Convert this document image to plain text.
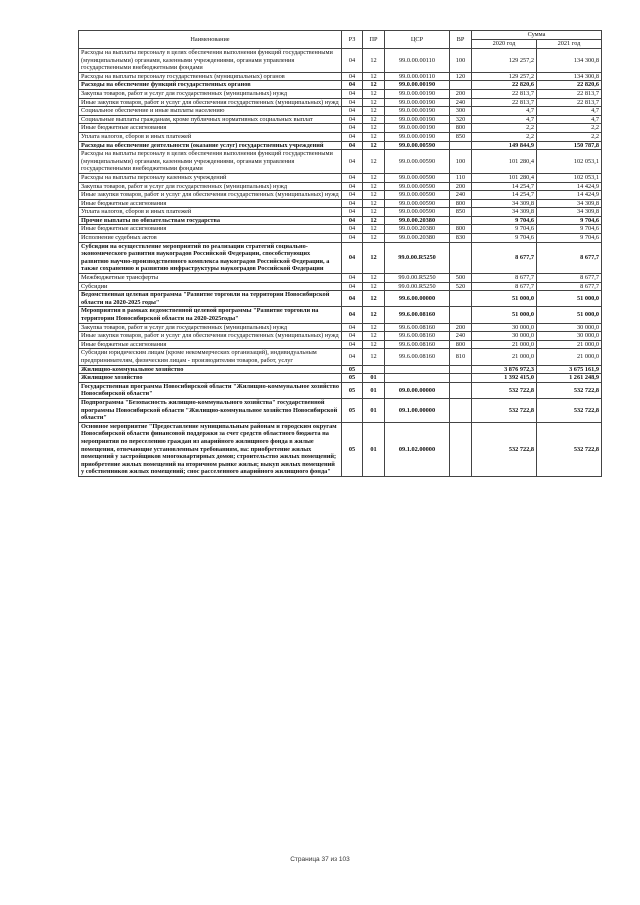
Наименование	РЗ	ПР	ЦСР	ВР	Сумма	
					2020 год	2021 год
Расходы на выплаты персоналу в целях обеспечения выполнения функций государственными (муниципальными) органами, казенными учреждениями, органами управления государственными внебюджетными фондами	04	12	99.0.00.00110	100	129 257,2	134 300,8
Расходы на выплаты персоналу государственных (муниципальных) органов	04	12	99.0.00.00110	120	129 257,2	134 300,8
Расходы на обеспечение функций государственных органов	04	12	99.0.00.00190		22 820,6	22 820,6
Закупка товаров, работ и услуг для государственных (муниципальных) нужд	04	12	99.0.00.00190	200	22 813,7	22 813,7
Иные закупки товаров, работ и услуг для обеспечения государственных (муниципальных) нужд	04	12	99.0.00.00190	240	22 813,7	22 813,7
Социальное обеспечение и иные выплаты населению	04	12	99.0.00.00190	300	4,7	4,7
Социальные выплаты гражданам, кроме публичных нормативных социальных выплат	04	12	99.0.00.00190	320	4,7	4,7
Иные бюджетные ассигнования	04	12	99.0.00.00190	800	2,2	2,2
Уплата налогов, сборов и иных платежей	04	12	99.0.00.00190	850	2,2	2,2
Расходы на обеспечение деятельности (оказание услуг) государственных учреждений	04	12	99.0.00.00590		149 844,9	150 787,8
Расходы на выплаты персоналу в целях обеспечения выполнения функций государственными (муниципальными) органами, казенными учреждениями, органами управления государственными внебюджетными фондами	04	12	99.0.00.00590	100	101 280,4	102 053,1
Расходы на выплаты персоналу казенных учреждений	04	12	99.0.00.00590	110	101 280,4	102 053,1
Закупка товаров, работ и услуг для государственных (муниципальных) нужд	04	12	99.0.00.00590	200	14 254,7	14 424,9
Иные закупки товаров, работ и услуг для обеспечения государственных (муниципальных) нужд	04	12	99.0.00.00590	240	14 254,7	14 424,9
Иные бюджетные ассигнования	04	12	99.0.00.00590	800	34 309,8	34 309,8
Уплата налогов, сборов и иных платежей	04	12	99.0.00.00590	850	34 309,8	34 309,8
Прочие выплаты по обязательствам государства	04	12	99.0.00.20380		9 704,6	9 704,6
Иные бюджетные ассигнования	04	12	99.0.00.20380	800	9 704,6	9 704,6
Исполнение судебных актов	04	12	99.0.00.20380	830	9 704,6	9 704,6
Субсидии на осуществление мероприятий по реализации стратегий социально-экономического развития наукоградов Российской Федерации, способствующих развитию научно-производственного комплекса наукоградов Российской Федерации, а также сохранению и развитию инфраструктуры наукоградов Российской Федерации	04	12	99.0.00.R5250		8 677,7	8 677,7
Межбюджетные трансферты	04	12	99.0.00.R5250	500	8 677,7	8 677,7
Субсидии	04	12	99.0.00.R5250	520	8 677,7	8 677,7
Ведомственная целевая программа "Развитие торговли на территории Новосибирской области на 2020-2025 годы"	04	12	99.6.00.00000		51 000,0	51 000,0
Мероприятия в рамках ведомственной целевой программы "Развитие торговли на территории Новосибирской области на 2020-2025годы"	04	12	99.6.00.08160		51 000,0	51 000,0
Закупка товаров, работ и услуг для государственных (муниципальных) нужд	04	12	99.6.00.08160	200	30 000,0	30 000,0
Иные закупки товаров, работ и услуг для обеспечения государственных (муниципальных) нужд	04	12	99.6.00.08160	240	30 000,0	30 000,0
Иные бюджетные ассигнования	04	12	99.6.00.08160	800	21 000,0	21 000,0
Субсидии юридическим лицам (кроме некоммерческих организаций), индивидуальным предпринимателям, физическим лицам - производителям товаров, работ, услуг	04	12	99.6.00.08160	810	21 000,0	21 000,0
Жилищно-коммунальное хозяйство	05				3 876 972,3	3 675 161,9
Жилищное хозяйство	05	01			1 392 415,0	1 261 248,9
Государственная программа Новосибирской области "Жилищно-коммунальное хозяйство Новосибирской области"	05	01	09.0.00.00000		532 722,8	532 722,8
Подпрограмма "Безопасность жилищно-коммунального хозяйства" государственной программы Новосибирской области "Жилищно-коммунальное хозяйство Новосибирской области"	05	01	09.1.00.00000		532 722,8	532 722,8
Основное мероприятие "Предоставление муниципальным районам и городским округам Новосибирской области финансовой поддержки за счет средств областного бюджета на мероприятия по переселению граждан из аварийного жилищного фонда в жилые помещения, отвечающие установленным требованиям, на: приобретение жилых помещений у застройщиков многоквартирных домов; строительство жилых помещений; приобретение жилых помещений на вторичном рынке жилья; выкуп жилых помещений у собственников жилых помещений; снос расселенного аварийного жилищного фонда"	05	01	09.1.02.00000		532 722,8	532 722,8
Страница 37 из 103
